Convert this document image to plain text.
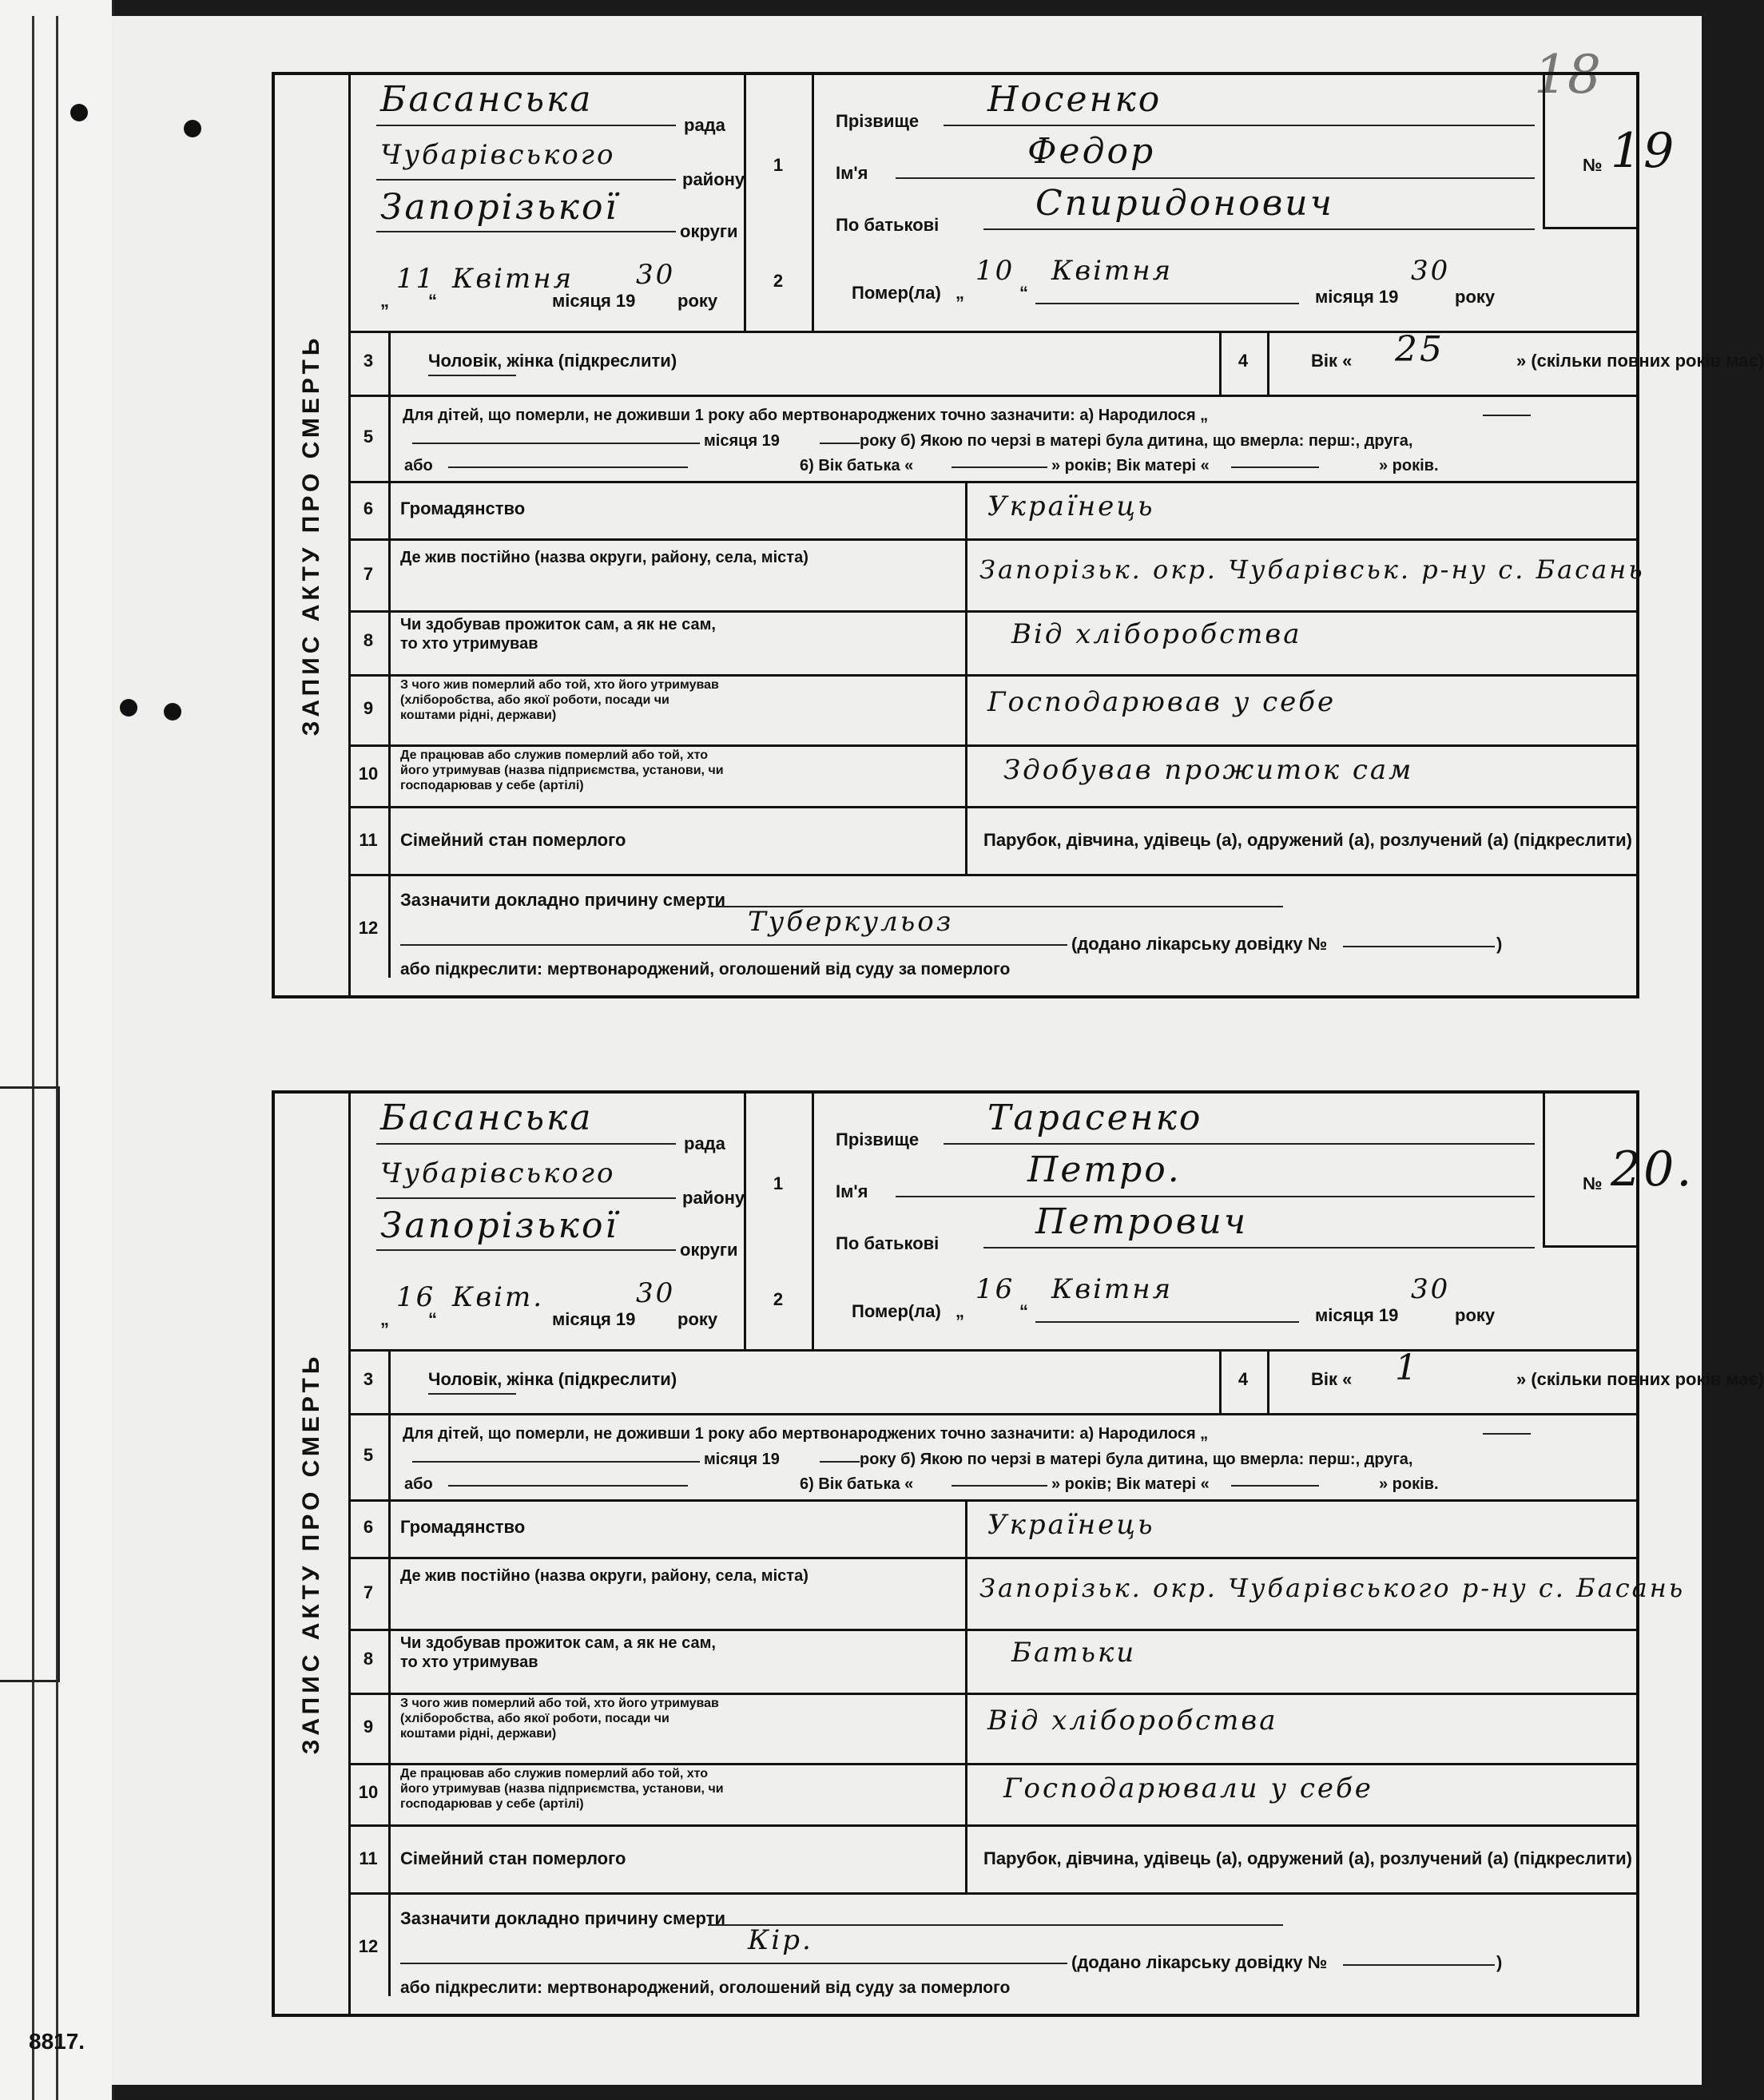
8817.
18
ЗАПИС АКТУ ПРО СМЕРТЬ
Басанська
рада
Чубарівського
району
Запорізької
округи
„
11
“
Квітня
місяця 19
30
року
1
Прізвище
Носенко
Ім'я
Федор
По батькові
Спиридонович
№ 19
2
Помер(ла) „
10
“
Квітня
місяця 19
30
року
3	Чоловік, жінка (підкреслити)	4	Вік « 25	» (скільки повних років має)
5
Для дітей, що померли, не доживши 1 року або мертвонароджених точно зазначити: а) Народилося „
місяця 19	року б) Якою по черзі в матері була дитина, що вмерла: перш:, друга,
або	6) Вік батька «	» років; Вік матері «	» років.
6	Громадянство	Українець
7
Де жив постійно (назва округи, району, села, міста)	Запорізьк. окр. Чубарівськ. р-ну с. Басань
8
Чи здобував прожиток сам, а як не сам, то хто утримував	Від хліборобства
9
З чого жив померлий або той, хто його утримував (хліборобства, або якої роботи, посади чи коштами рідні, держави)	Господарював у себе
10
Де працював або служив померлий або той, хто його утримував (назва підприємства, установи, чи господарював у себе (артілі)	Здобував прожиток сам
11	Сімейний стан померлого	Парубок, дівчина, удівець (а), одружений (а), розлучений (а) (підкреслити)
12
Зазначити докладно причину смерти
Туберкульоз
(додано лікарську довідку №	)
або підкреслити: мертвонароджений, оголошений від суду за померлого
ЗАПИС АКТУ ПРО СМЕРТЬ
Басанська
рада
Чубарівського
району
Запорізької
округи
„
16
“
Квіт.
місяця 19
30
року
1
Прізвище
Тарасенко
Ім'я
Петро.
По батькові
Петрович
№ 20.
2
Помер(ла) „
16
“
Квітня
місяця 19
30
року
3	Чоловік, жінка (підкреслити)	4	Вік « 1	» (скільки повних років має)
5
Для дітей, що померли, не доживши 1 року або мертвонароджених точно зазначити: а) Народилося „
місяця 19	року б) Якою по черзі в матері була дитина, що вмерла: перш:, друга,
або	6) Вік батька «	» років; Вік матері «	» років.
6	Громадянство	Українець
7
Де жив постійно (назва округи, району, села, міста)	Запорізьк. окр. Чубарівського р-ну с. Басань
8
Чи здобував прожиток сам, а як не сам, то хто утримував	Батьки
9
З чого жив померлий або той, хто його утримував (хліборобства, або якої роботи, посади чи коштами рідні, держави)	Від хліборобства
10
Де працював або служив померлий або той, хто його утримував (назва підприємства, установи, чи господарював у себе (артілі)	Господарювали у себе
11	Сімейний стан померлого	Парубок, дівчина, удівець (а), одружений (а), розлучений (а) (підкреслити)
12
Зазначити докладно причину смерти
Кір.
(додано лікарську довідку №	)
або підкреслити: мертвонароджений, оголошений від суду за померлого
